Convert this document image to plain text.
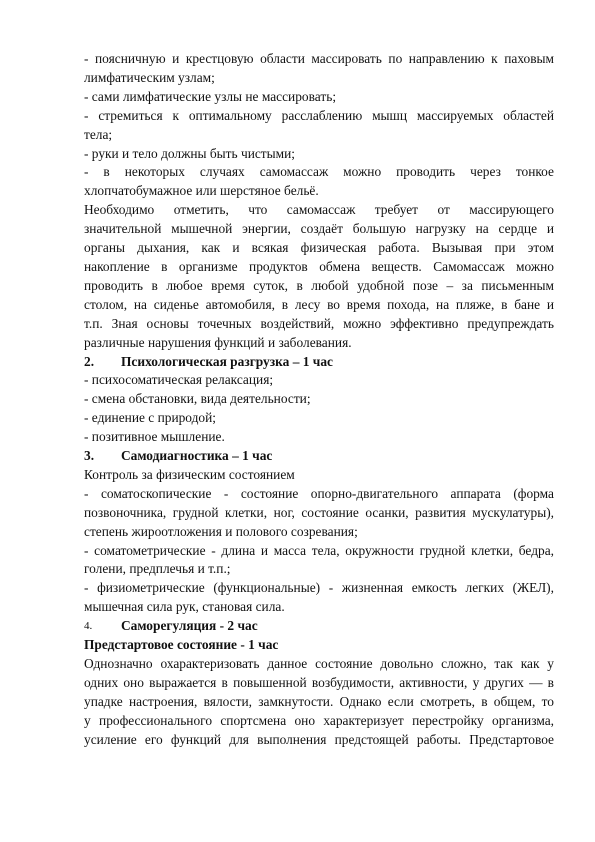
- поясничную и крестцовую области массировать по направлению к паховым

лимфатическим узлам;

- сами лимфатические узлы не массировать;

- стремиться к оптимальному расслаблению мышц массируемых областей

тела;

- руки и тело должны быть чистыми;

- в некоторых случаях самомассаж можно проводить через тонкое

хлопчатобумажное или шерстяное бельё.

Необходимо отметить, что самомассаж требует от массирующего

значительной мышечной энергии, создаёт большую нагрузку на сердце и

органы дыхания, как и всякая физическая работа. Вызывая при этом

накопление в организме продуктов обмена веществ. Самомассаж можно

проводить в любое время суток, в любой удобной позе – за письменным

столом, на сиденье автомобиля, в лесу во время похода, на пляже, в бане и

т.п. Зная основы точечных воздействий, можно эффективно предупреждать

различные нарушения функций и заболевания.

2.	Психологическая разгрузка – 1 час

- психосоматическая релаксация;

- смена обстановки, вида деятельности;

- единение с природой;

- позитивное мышление.

3.	Самодиагностика – 1 час

Контроль за физическим состоянием

- соматоскопические - состояние опорно-двигательного аппарата (форма

позвоночника, грудной клетки, ног, состояние осанки, развития мускулатуры),

степень жироотложения и полового созревания;

- соматометрические - длина и масса тела, окружности грудной клетки, бедра,

голени, предплечья и т.п.;

- физиометрические (функциональные) - жизненная емкость легких (ЖЕЛ),

мышечная сила рук, становая сила.

4.	Саморегуляция - 2 час

Предстартовое состояние - 1 час

Однозначно охарактеризовать данное состояние довольно сложно, так как у

одних оно выражается в повышенной возбудимости, активности, у других — в

упадке настроения, вялости, замкнутости. Однако если смотреть, в общем, то

у профессионального спортсмена оно характеризует перестройку организма,

усиление его функций для выполнения предстоящей работы. Предстартовое
